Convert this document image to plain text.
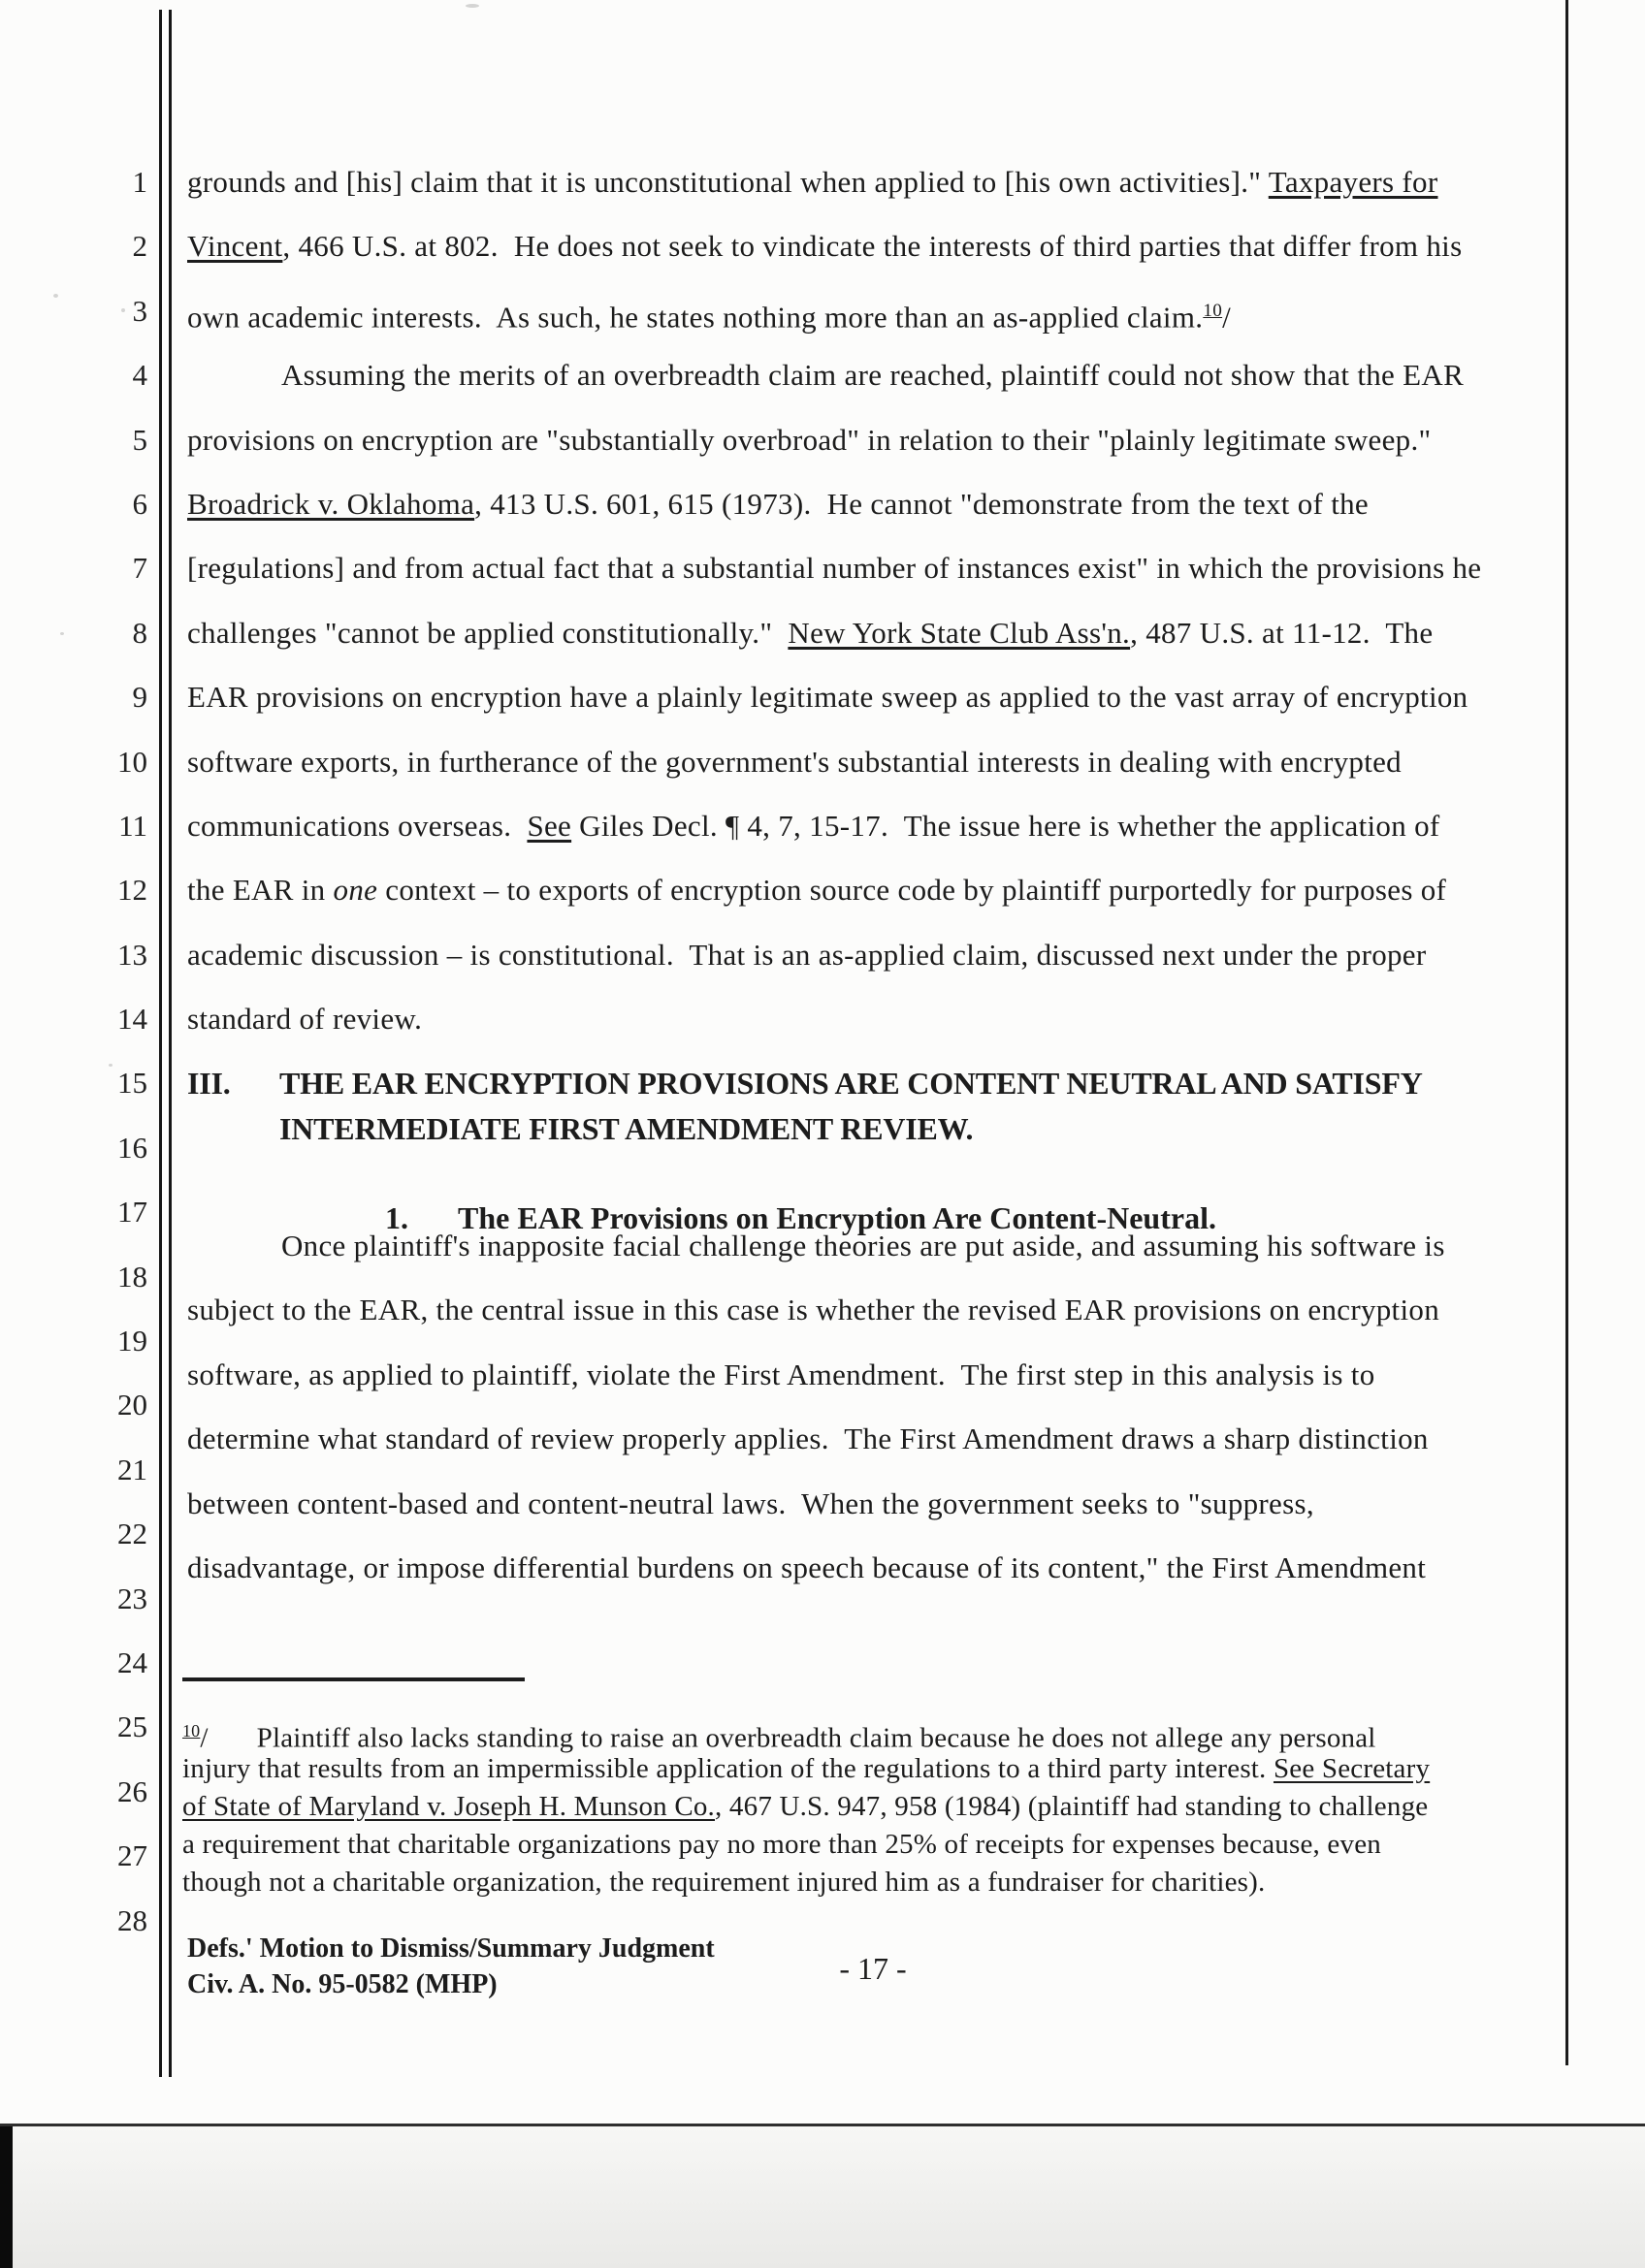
1
2
3
4
5
6
7
8
9
10
11
12
13
14
15
16
17
18
19
20
21
22
23
24
25
26
27
28
grounds and [his] claim that it is unconstitutional when applied to [his own activities]." Taxpayers for
Vincent, 466 U.S. at 802.  He does not seek to vindicate the interests of third parties that differ from his
own academic interests.  As such, he states nothing more than an as-applied claim.$^{10}$/
Assuming the merits of an overbreadth claim are reached, plaintiff could not show that the EAR
provisions on encryption are "substantially overbroad" in relation to their "plainly legitimate sweep."
Broadrick v. Oklahoma, 413 U.S. 601, 615 (1973).  He cannot "demonstrate from the text of the
[regulations] and from actual fact that a substantial number of instances exist" in which the provisions he
challenges "cannot be applied constitutionally."  New York State Club Ass'n., 487 U.S. at 11-12.  The
EAR provisions on encryption have a plainly legitimate sweep as applied to the vast array of encryption
software exports, in furtherance of the government's substantial interests in dealing with encrypted
communications overseas.  See Giles Decl. ¶ 4, 7, 15-17.  The issue here is whether the application of
the EAR in one context – to exports of encryption source code by plaintiff purportedly for purposes of
academic discussion – is constitutional.  That is an as-applied claim, discussed next under the proper
standard of review.
III.	THE EAR ENCRYPTION PROVISIONS ARE CONTENT NEUTRAL AND SATISFY
INTERMEDIATE FIRST AMENDMENT REVIEW.

1. The EAR Provisions on Encryption Are Content-Neutral.

Once plaintiff's inapposite facial challenge theories are put aside, and assuming his software is
subject to the EAR, the central issue in this case is whether the revised EAR provisions on encryption
software, as applied to plaintiff, violate the First Amendment.  The first step in this analysis is to
determine what standard of review properly applies.  The First Amendment draws a sharp distinction
between content-based and content-neutral laws.  When the government seeks to "suppress,
disadvantage, or impose differential burdens on speech because of its content," the First Amendment
$^{10}$/ Plaintiff also lacks standing to raise an overbreadth claim because he does not allege any personal
injury that results from an impermissible application of the regulations to a third party interest. See Secretary
of State of Maryland v. Joseph H. Munson Co., 467 U.S. 947, 958 (1984) (plaintiff had standing to challenge
a requirement that charitable organizations pay no more than 25% of receipts for expenses because, even
though not a charitable organization, the requirement injured him as a fundraiser for charities).
Defs.' Motion to Dismiss/Summary Judgment
Civ. A. No. 95-0582 (MHP)	- 17 -
